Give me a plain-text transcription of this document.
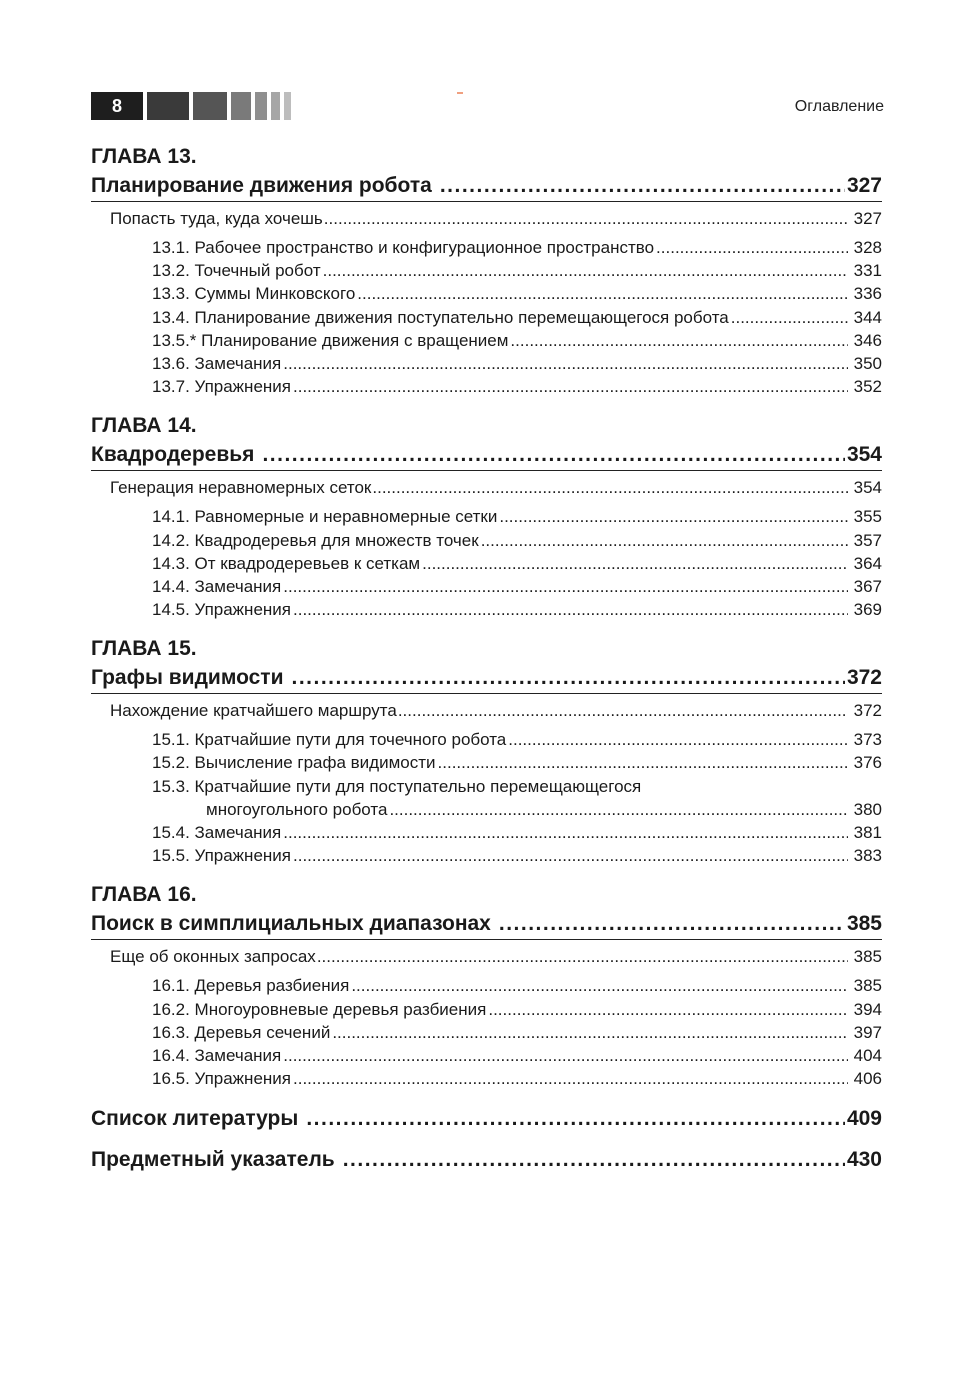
8	Оглавление
ГЛАВА 13.
Планирование движения робота .....	327
Попасть туда, куда хочешь .....	327
13.1. Рабочее пространство и конфигурационное пространство .....	328
13.2. Точечный робот .....	331
13.3. Суммы Минковского .....	336
13.4. Планирование движения поступательно перемещающегося робота .....	344
13.5.* Планирование движения с вращением .....	346
13.6. Замечания .....	350
13.7. Упражнения .....	352
ГЛАВА 14.
Квадродеревья .....	354
Генерация неравномерных сеток .....	354
14.1. Равномерные и неравномерные сетки .....	355
14.2. Квадродеревья для множеств точек .....	357
14.3. От квадродеревьев к сеткам .....	364
14.4. Замечания .....	367
14.5. Упражнения .....	369
ГЛАВА 15.
Графы видимости .....	372
Нахождение кратчайшего маршрута .....	372
15.1. Кратчайшие пути для точечного робота .....	373
15.2. Вычисление графа видимости .....	376
15.3. Кратчайшие пути для поступательно перемещающегося
многоугольного робота .....	380
15.4. Замечания .....	381
15.5. Упражнения .....	383
ГЛАВА 16.
Поиск в симплициальных диапазонах .....	385
Еще об оконных запросах .....	385
16.1. Деревья разбиения .....	385
16.2. Многоуровневые деревья разбиения .....	394
16.3. Деревья сечений .....	397
16.4. Замечания .....	404
16.5. Упражнения .....	406
Список литературы .....	409
Предметный указатель .....	430
